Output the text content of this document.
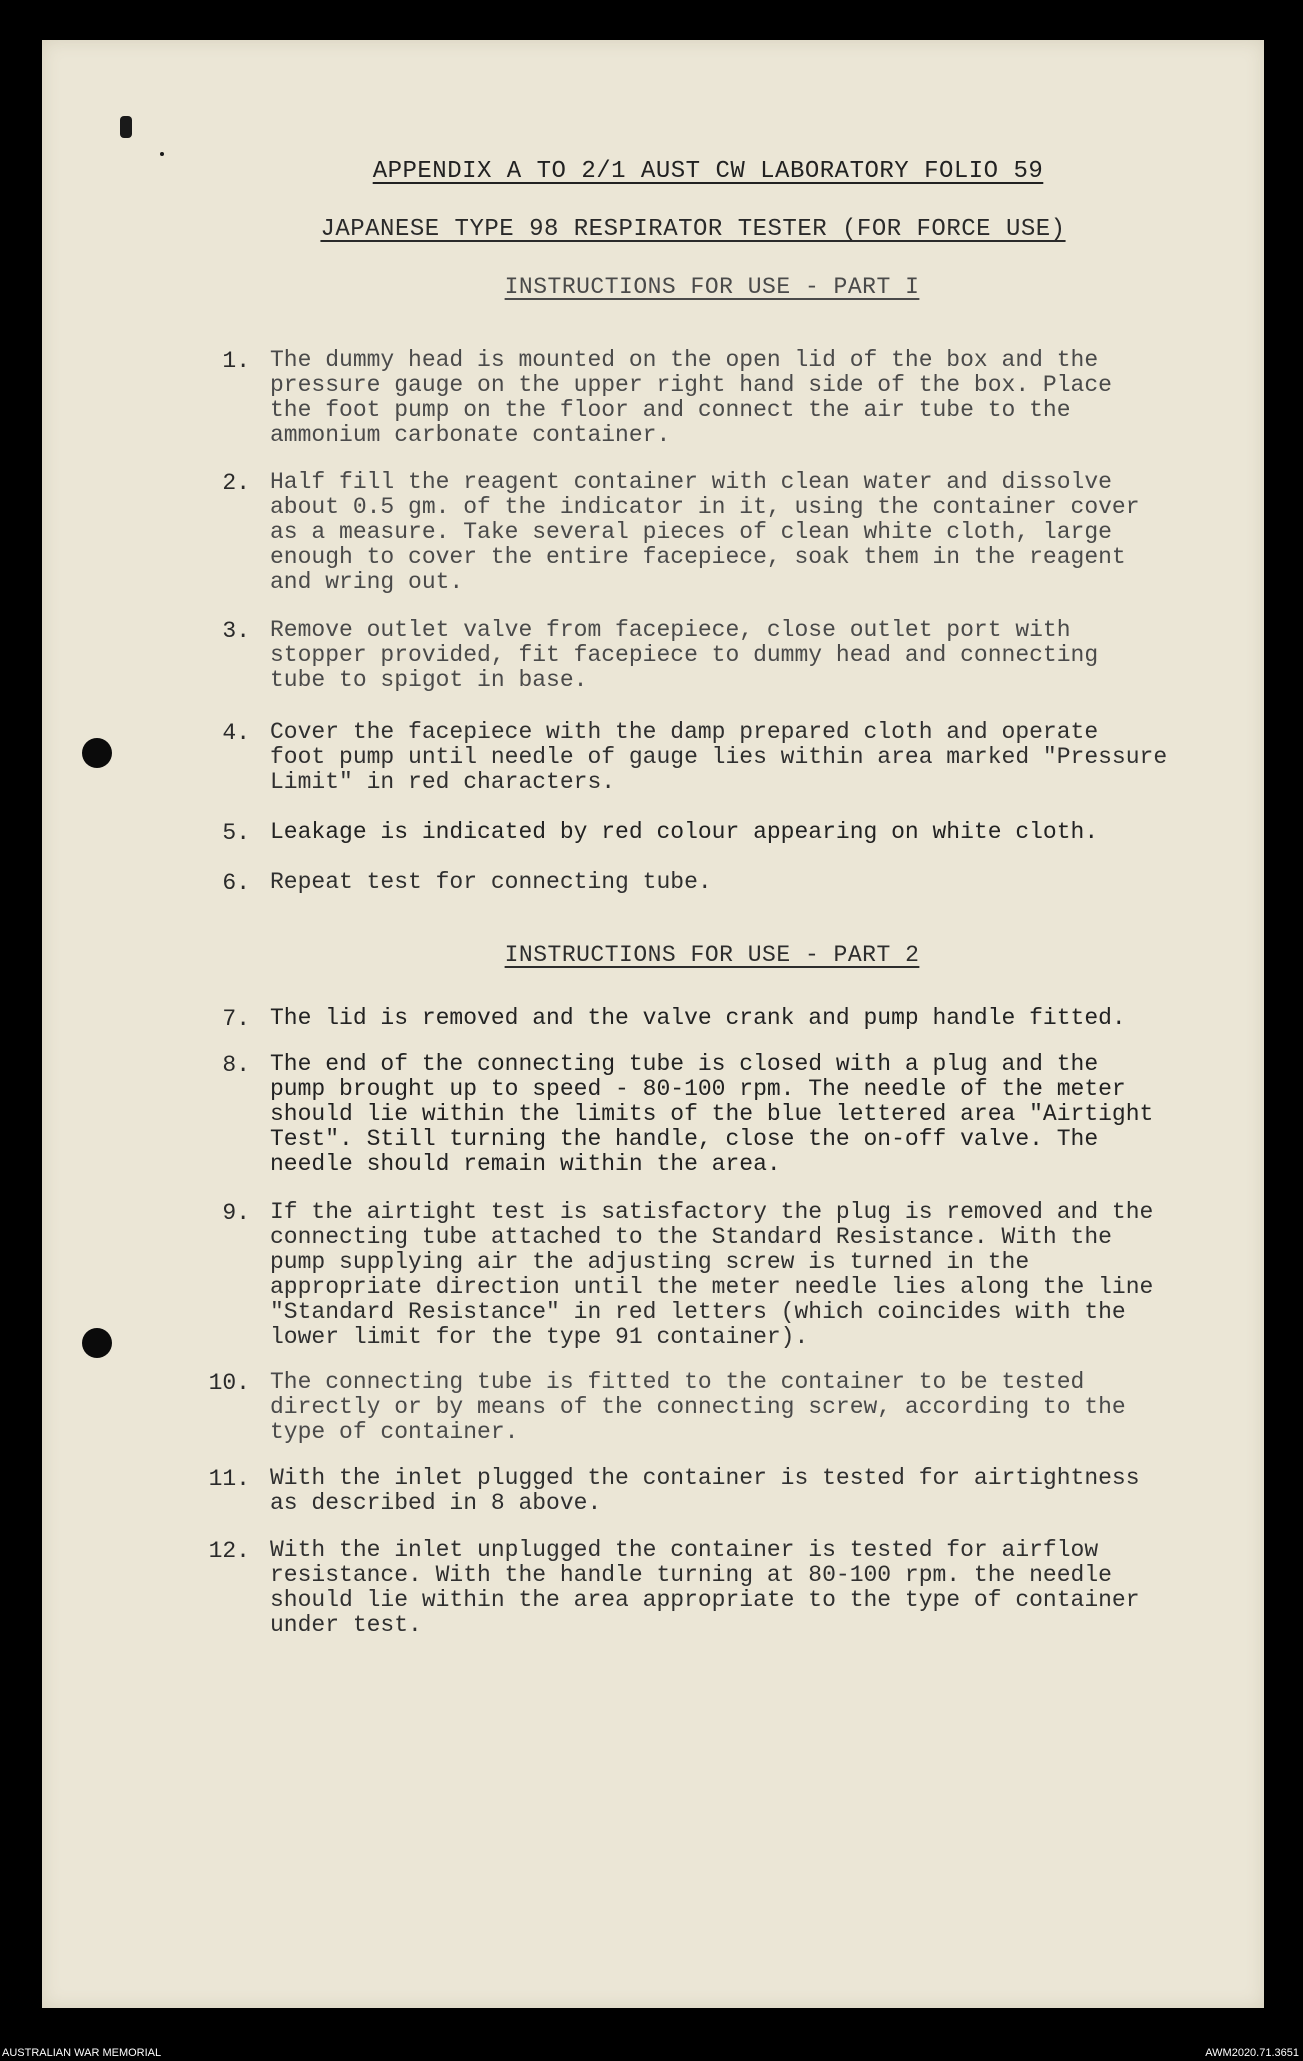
APPENDIX A TO 2/1 AUST CW LABORATORY FOLIO 59
JAPANESE TYPE 98 RESPIRATOR TESTER (FOR FORCE USE)
INSTRUCTIONS FOR USE - PART I
1. The dummy head is mounted on the open lid of the box and the
pressure gauge on the upper right hand side of the box. Place
the foot pump on the floor and connect the air tube to the
ammonium carbonate container.

2. Half fill the reagent container with clean water and dissolve
about 0.5 gm. of the indicator in it, using the container cover
as a measure. Take several pieces of clean white cloth, large
enough to cover the entire facepiece, soak them in the reagent
and wring out.

3. Remove outlet valve from facepiece, close outlet port with
stopper provided, fit facepiece to dummy head and connecting
tube to spigot in base.

4. Cover the facepiece with the damp prepared cloth and operate
foot pump until needle of gauge lies within area marked "Pressure
Limit" in red characters.

5. Leakage is indicated by red colour appearing on white cloth.

6. Repeat test for connecting tube.

INSTRUCTIONS FOR USE - PART 2
7. The lid is removed and the valve crank and pump handle fitted.

8. The end of the connecting tube is closed with a plug and the
pump brought up to speed - 80-100 rpm. The needle of the meter
should lie within the limits of the blue lettered area "Airtight
Test". Still turning the handle, close the on-off valve. The
needle should remain within the area.

9. If the airtight test is satisfactory the plug is removed and the
connecting tube attached to the Standard Resistance. With the
pump supplying air the adjusting screw is turned in the
appropriate direction until the meter needle lies along the line
"Standard Resistance" in red letters (which coincides with the
lower limit for the type 91 container).

10. The connecting tube is fitted to the container to be tested
directly or by means of the connecting screw, according to the
type of container.

11. With the inlet plugged the container is tested for airtightness
as described in 8 above.

12. With the inlet unplugged the container is tested for airflow
resistance. With the handle turning at 80-100 rpm. the needle
should lie within the area appropriate to the type of container
under test.

AUSTRALIAN WAR MEMORIAL	AWM2020.71.3651
